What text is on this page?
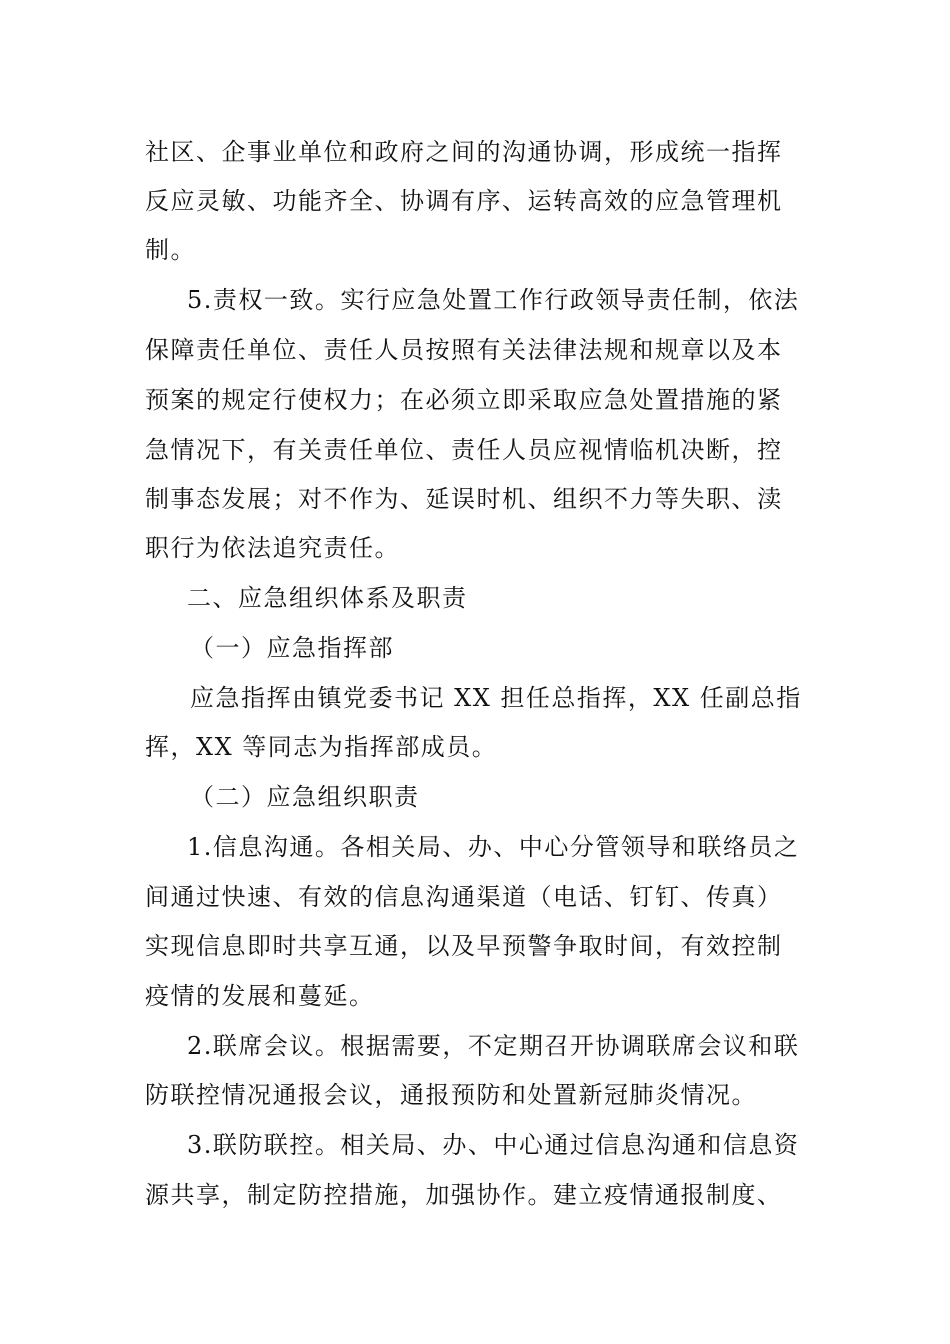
社区、企事业单位和政府之间的沟通协调，形成统一指挥
反应灵敏、功能齐全、协调有序、运转高效的应急管理机
制。
5.责权一致。实行应急处置工作行政领导责任制，依法
保障责任单位、责任人员按照有关法律法规和规章以及本
预案的规定行使权力；在必须立即采取应急处置措施的紧
急情况下，有关责任单位、责任人员应视情临机决断，控
制事态发展；对不作为、延误时机、组织不力等失职、渎
职行为依法追究责任。
二、应急组织体系及职责
（一）应急指挥部
应急指挥由镇党委书记 XX 担任总指挥，XX 任副总指
挥，XX 等同志为指挥部成员。
（二）应急组织职责
1.信息沟通。各相关局、办、中心分管领导和联络员之
间通过快速、有效的信息沟通渠道（电话、钉钉、传真）
实现信息即时共享互通，以及早预警争取时间，有效控制
疫情的发展和蔓延。
2.联席会议。根据需要，不定期召开协调联席会议和联
防联控情况通报会议，通报预防和处置新冠肺炎情况。
3.联防联控。相关局、办、中心通过信息沟通和信息资
源共享，制定防控措施，加强协作。建立疫情通报制度、
